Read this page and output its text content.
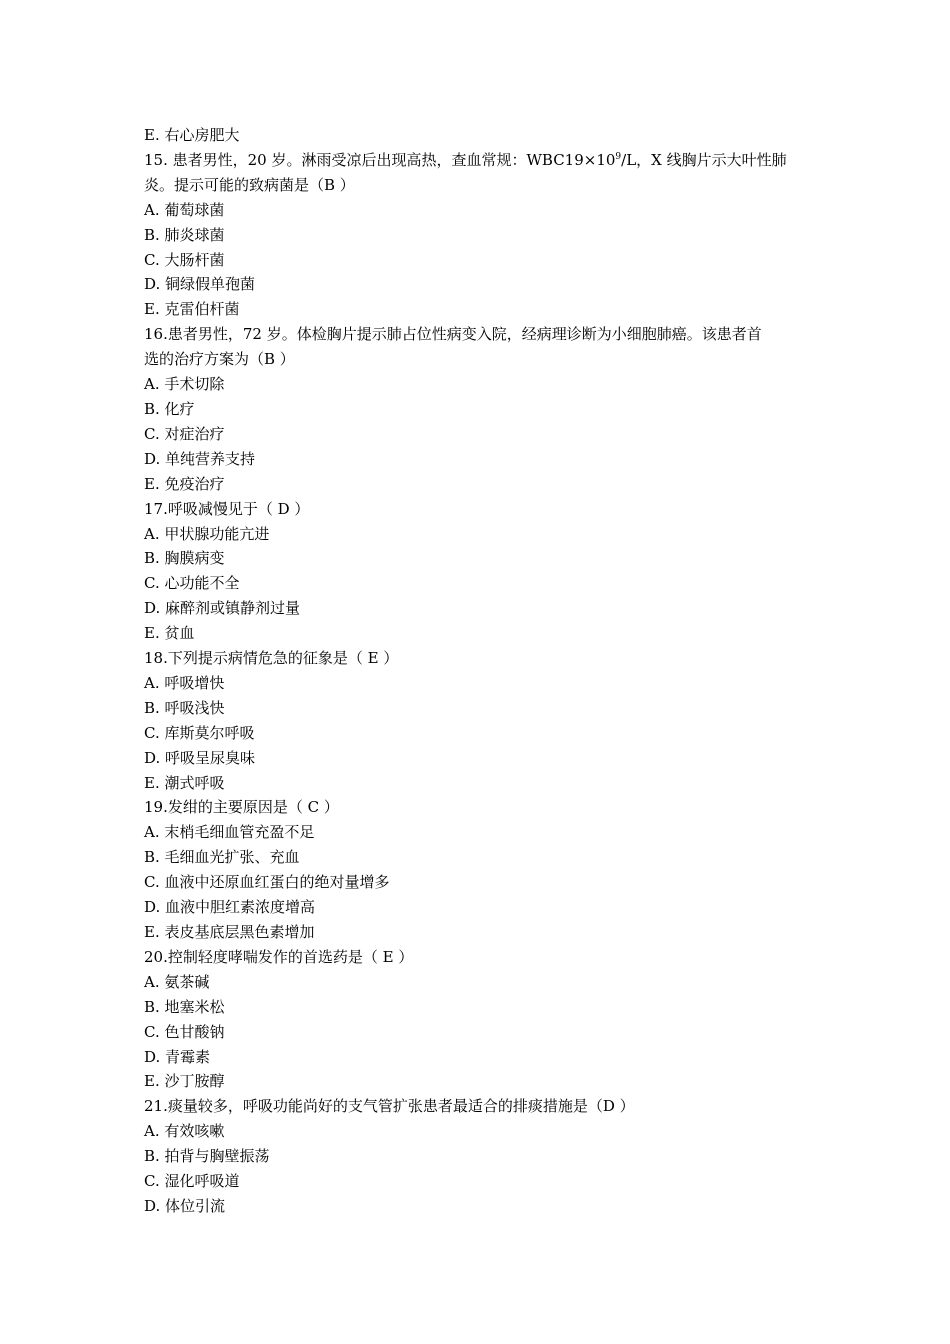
E. 右心房肥大
15. 患者男性，20 岁。淋雨受凉后出现高热，查血常规：$WBC19\times 10^9/L$，X 线胸片示大叶性肺
炎。提示可能的致病菌是（B ）
A. 葡萄球菌
B. 肺炎球菌
C. 大肠杆菌
D. 铜绿假单孢菌
E. 克雷伯杆菌
16.患者男性，72 岁。体检胸片提示肺占位性病变入院，经病理诊断为小细胞肺癌。该患者首
选的治疗方案为（B ）
A. 手术切除
B. 化疗
C. 对症治疗
D. 单纯营养支持
E. 免疫治疗
17.呼吸减慢见于（ D ）
A. 甲状腺功能亢进
B. 胸膜病变
C. 心功能不全
D. 麻醉剂或镇静剂过量
E. 贫血
18.下列提示病情危急的征象是（ E ）
A. 呼吸增快
B. 呼吸浅快
C. 库斯莫尔呼吸
D. 呼吸呈尿臭味
E. 潮式呼吸
19.发绀的主要原因是（ C ）
A. 末梢毛细血管充盈不足
B. 毛细血光扩张、充血
C. 血液中还原血红蛋白的绝对量增多
D. 血液中胆红素浓度增高
E. 表皮基底层黑色素增加
20.控制轻度哮喘发作的首选药是（ E ）
A. 氨茶碱
B. 地塞米松
C. 色甘酸钠
D. 青霉素
E. 沙丁胺醇
21.痰量较多，呼吸功能尚好的支气管扩张患者最适合的排痰措施是（D ）
A. 有效咳嗽
B. 拍背与胸壁振荡
C. 湿化呼吸道
D. 体位引流
